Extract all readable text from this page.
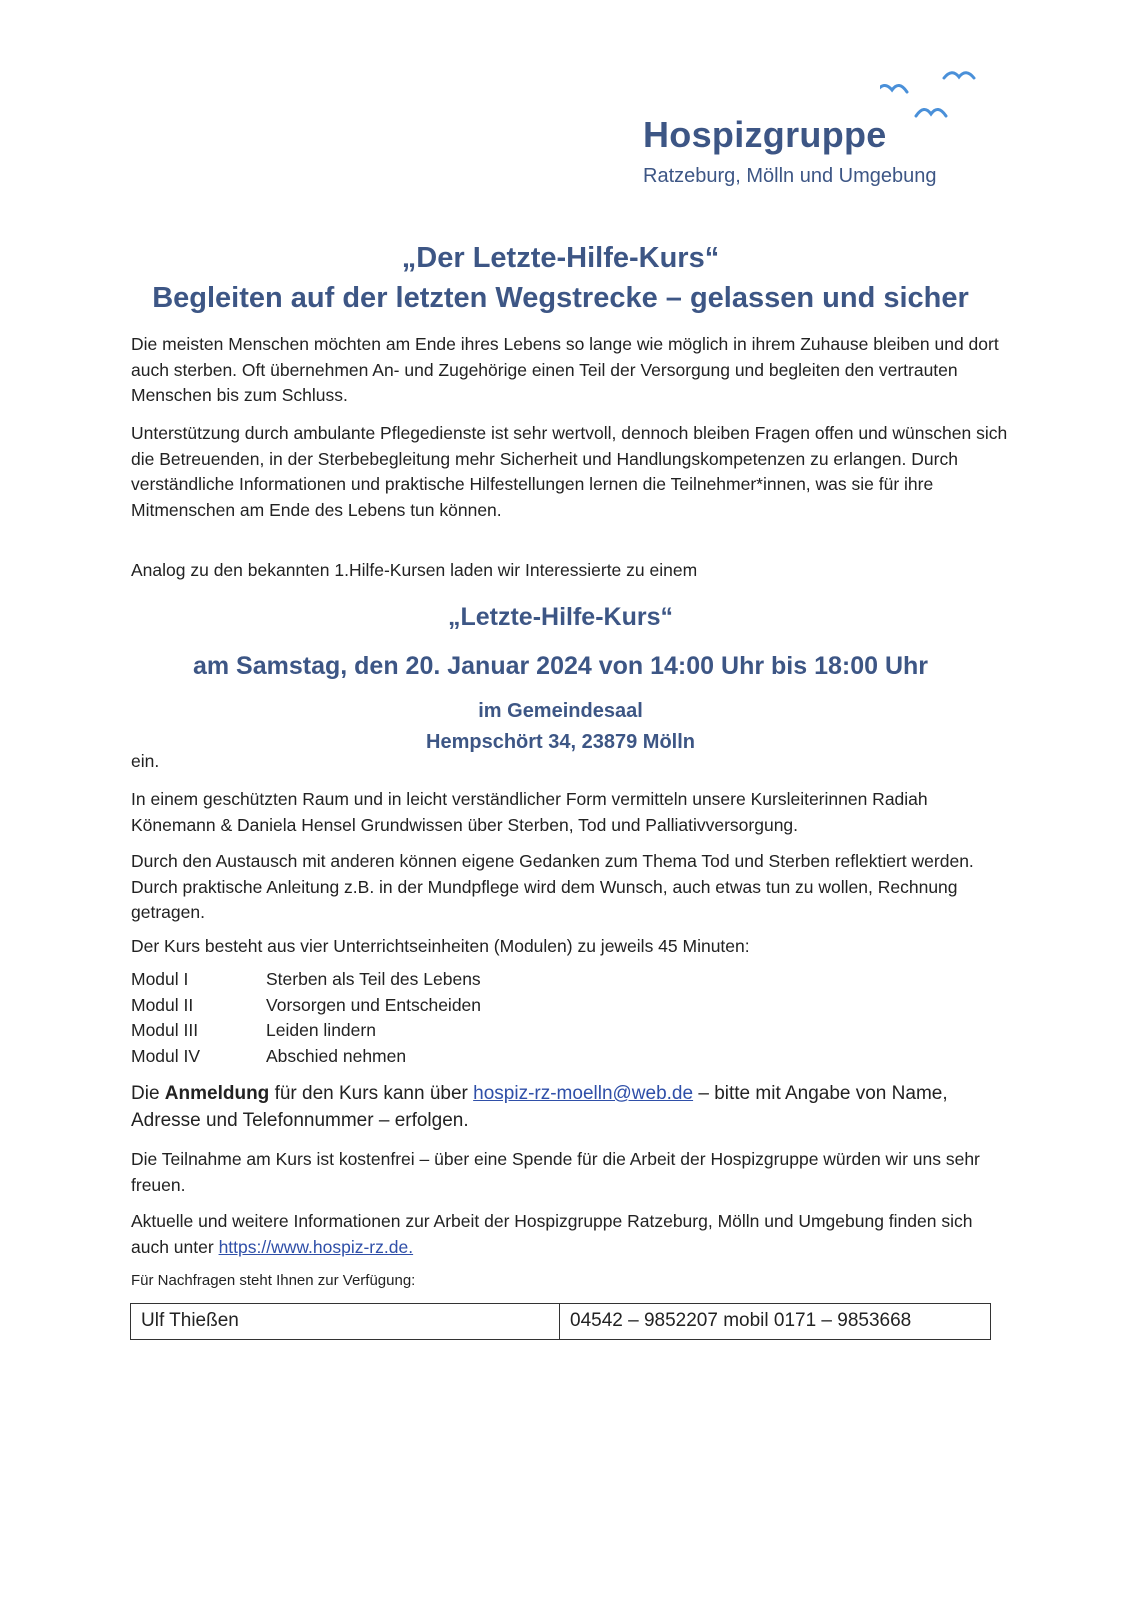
Hospizgruppe
Ratzeburg, Mölln und Umgebung
„Der Letzte-Hilfe-Kurs“
Begleiten auf der letzten Wegstrecke – gelassen und sicher
Die meisten Menschen möchten am Ende ihres Lebens so lange wie möglich in ihrem Zuhause bleiben und dort auch sterben. Oft übernehmen An- und Zugehörige einen Teil der Versorgung und begleiten den vertrauten Menschen bis zum Schluss.
Unterstützung durch ambulante Pflegedienste ist sehr wertvoll, dennoch bleiben Fragen offen und wünschen sich die Betreuenden, in der Sterbebegleitung mehr Sicherheit und Handlungskompetenzen zu erlangen. Durch verständliche Informationen und praktische Hilfestellungen lernen die Teilnehmer*innen, was sie für ihre Mitmenschen am Ende des Lebens tun können.
Analog zu den bekannten 1.Hilfe-Kursen laden wir Interessierte zu einem
„Letzte-Hilfe-Kurs“
am Samstag, den 20. Januar 2024 von 14:00 Uhr bis 18:00 Uhr
im Gemeindesaal
Hempschört 34, 23879 Mölln
ein.
In einem geschützten Raum und in leicht verständlicher Form vermitteln unsere Kursleiterinnen Radiah Könemann & Daniela Hensel Grundwissen über Sterben, Tod und Palliativversorgung.
Durch den Austausch mit anderen können eigene Gedanken zum Thema Tod und Sterben reflektiert werden. Durch praktische Anleitung z.B. in der Mundpflege wird dem Wunsch, auch etwas tun zu wollen, Rechnung getragen.
Der Kurs besteht aus vier Unterrichtseinheiten (Modulen) zu jeweils 45 Minuten:
Modul I	Sterben als Teil des Lebens
Modul II	Vorsorgen und Entscheiden
Modul III	Leiden lindern
Modul IV	Abschied nehmen
Die Anmeldung für den Kurs kann über hospiz-rz-moelln@web.de – bitte mit Angabe von Name, Adresse und Telefonnummer – erfolgen.
Die Teilnahme am Kurs ist kostenfrei – über eine Spende für die Arbeit der Hospizgruppe würden wir uns sehr freuen.
Aktuelle und weitere Informationen zur Arbeit der Hospizgruppe Ratzeburg, Mölln und Umgebung finden sich auch unter https://www.hospiz-rz.de.
Für Nachfragen steht Ihnen zur Verfügung:
Ulf Thießen	04542 – 9852207 mobil 0171 – 9853668
